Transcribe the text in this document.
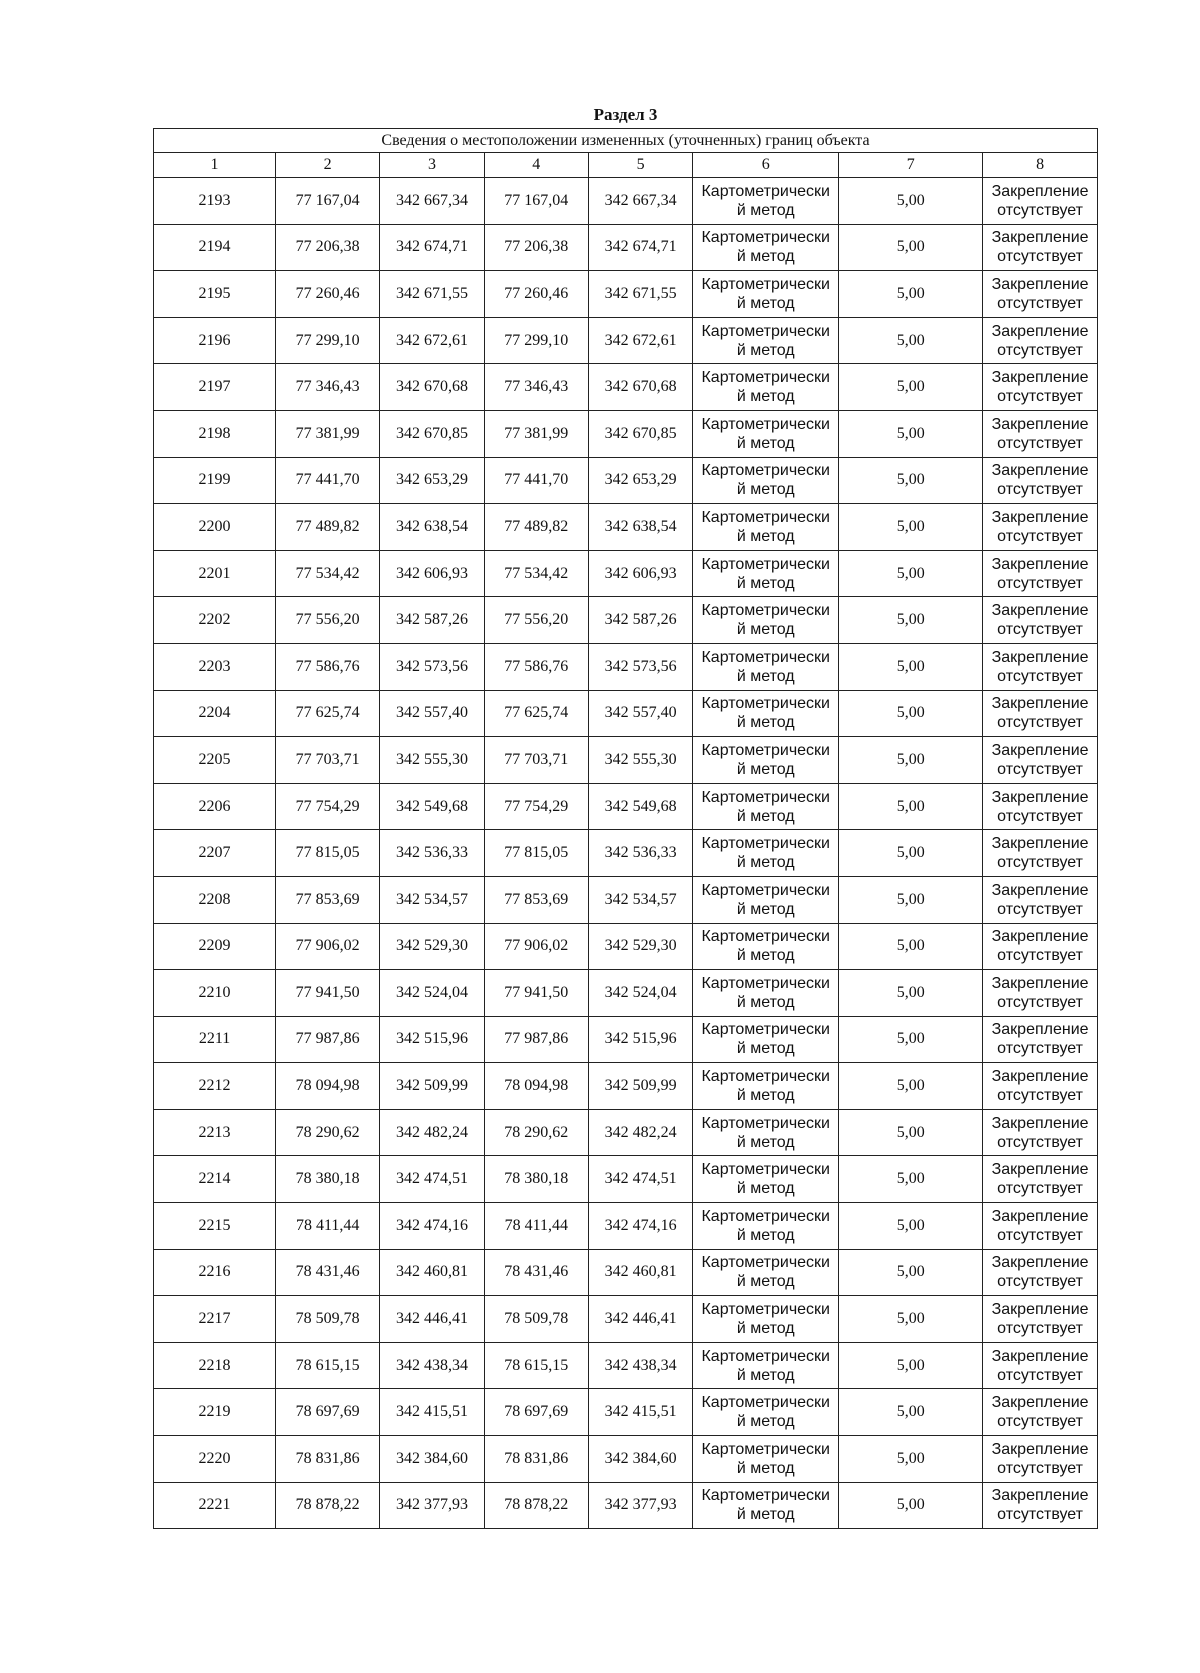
Раздел 3
Сведения о местоположении измененных (уточненных) границ объекта							
1	2	3	4	5	6	7	8
2193	77 167,04	342 667,34	77 167,04	342 667,34	Картометрически
й метод	5,00	Закрепление
отсутствует

2194	77 206,38	342 674,71	77 206,38	342 674,71	Картометрически
й метод	5,00	Закрепление
отсутствует

2195	77 260,46	342 671,55	77 260,46	342 671,55	Картометрически
й метод	5,00	Закрепление
отсутствует

2196	77 299,10	342 672,61	77 299,10	342 672,61	Картометрически
й метод	5,00	Закрепление
отсутствует

2197	77 346,43	342 670,68	77 346,43	342 670,68	Картометрически
й метод	5,00	Закрепление
отсутствует

2198	77 381,99	342 670,85	77 381,99	342 670,85	Картометрически
й метод	5,00	Закрепление
отсутствует

2199	77 441,70	342 653,29	77 441,70	342 653,29	Картометрически
й метод	5,00	Закрепление
отсутствует

2200	77 489,82	342 638,54	77 489,82	342 638,54	Картометрически
й метод	5,00	Закрепление
отсутствует

2201	77 534,42	342 606,93	77 534,42	342 606,93	Картометрически
й метод	5,00	Закрепление
отсутствует

2202	77 556,20	342 587,26	77 556,20	342 587,26	Картометрически
й метод	5,00	Закрепление
отсутствует

2203	77 586,76	342 573,56	77 586,76	342 573,56	Картометрически
й метод	5,00	Закрепление
отсутствует

2204	77 625,74	342 557,40	77 625,74	342 557,40	Картометрически
й метод	5,00	Закрепление
отсутствует

2205	77 703,71	342 555,30	77 703,71	342 555,30	Картометрически
й метод	5,00	Закрепление
отсутствует

2206	77 754,29	342 549,68	77 754,29	342 549,68	Картометрически
й метод	5,00	Закрепление
отсутствует

2207	77 815,05	342 536,33	77 815,05	342 536,33	Картометрически
й метод	5,00	Закрепление
отсутствует

2208	77 853,69	342 534,57	77 853,69	342 534,57	Картометрически
й метод	5,00	Закрепление
отсутствует

2209	77 906,02	342 529,30	77 906,02	342 529,30	Картометрически
й метод	5,00	Закрепление
отсутствует

2210	77 941,50	342 524,04	77 941,50	342 524,04	Картометрически
й метод	5,00	Закрепление
отсутствует

2211	77 987,86	342 515,96	77 987,86	342 515,96	Картометрически
й метод	5,00	Закрепление
отсутствует

2212	78 094,98	342 509,99	78 094,98	342 509,99	Картометрически
й метод	5,00	Закрепление
отсутствует

2213	78 290,62	342 482,24	78 290,62	342 482,24	Картометрически
й метод	5,00	Закрепление
отсутствует

2214	78 380,18	342 474,51	78 380,18	342 474,51	Картометрически
й метод	5,00	Закрепление
отсутствует

2215	78 411,44	342 474,16	78 411,44	342 474,16	Картометрически
й метод	5,00	Закрепление
отсутствует

2216	78 431,46	342 460,81	78 431,46	342 460,81	Картометрически
й метод	5,00	Закрепление
отсутствует

2217	78 509,78	342 446,41	78 509,78	342 446,41	Картометрически
й метод	5,00	Закрепление
отсутствует

2218	78 615,15	342 438,34	78 615,15	342 438,34	Картометрически
й метод	5,00	Закрепление
отсутствует

2219	78 697,69	342 415,51	78 697,69	342 415,51	Картометрически
й метод	5,00	Закрепление
отсутствует

2220	78 831,86	342 384,60	78 831,86	342 384,60	Картометрически
й метод	5,00	Закрепление
отсутствует

2221	78 878,22	342 377,93	78 878,22	342 377,93	Картометрически
й метод	5,00	Закрепление
отсутствует
